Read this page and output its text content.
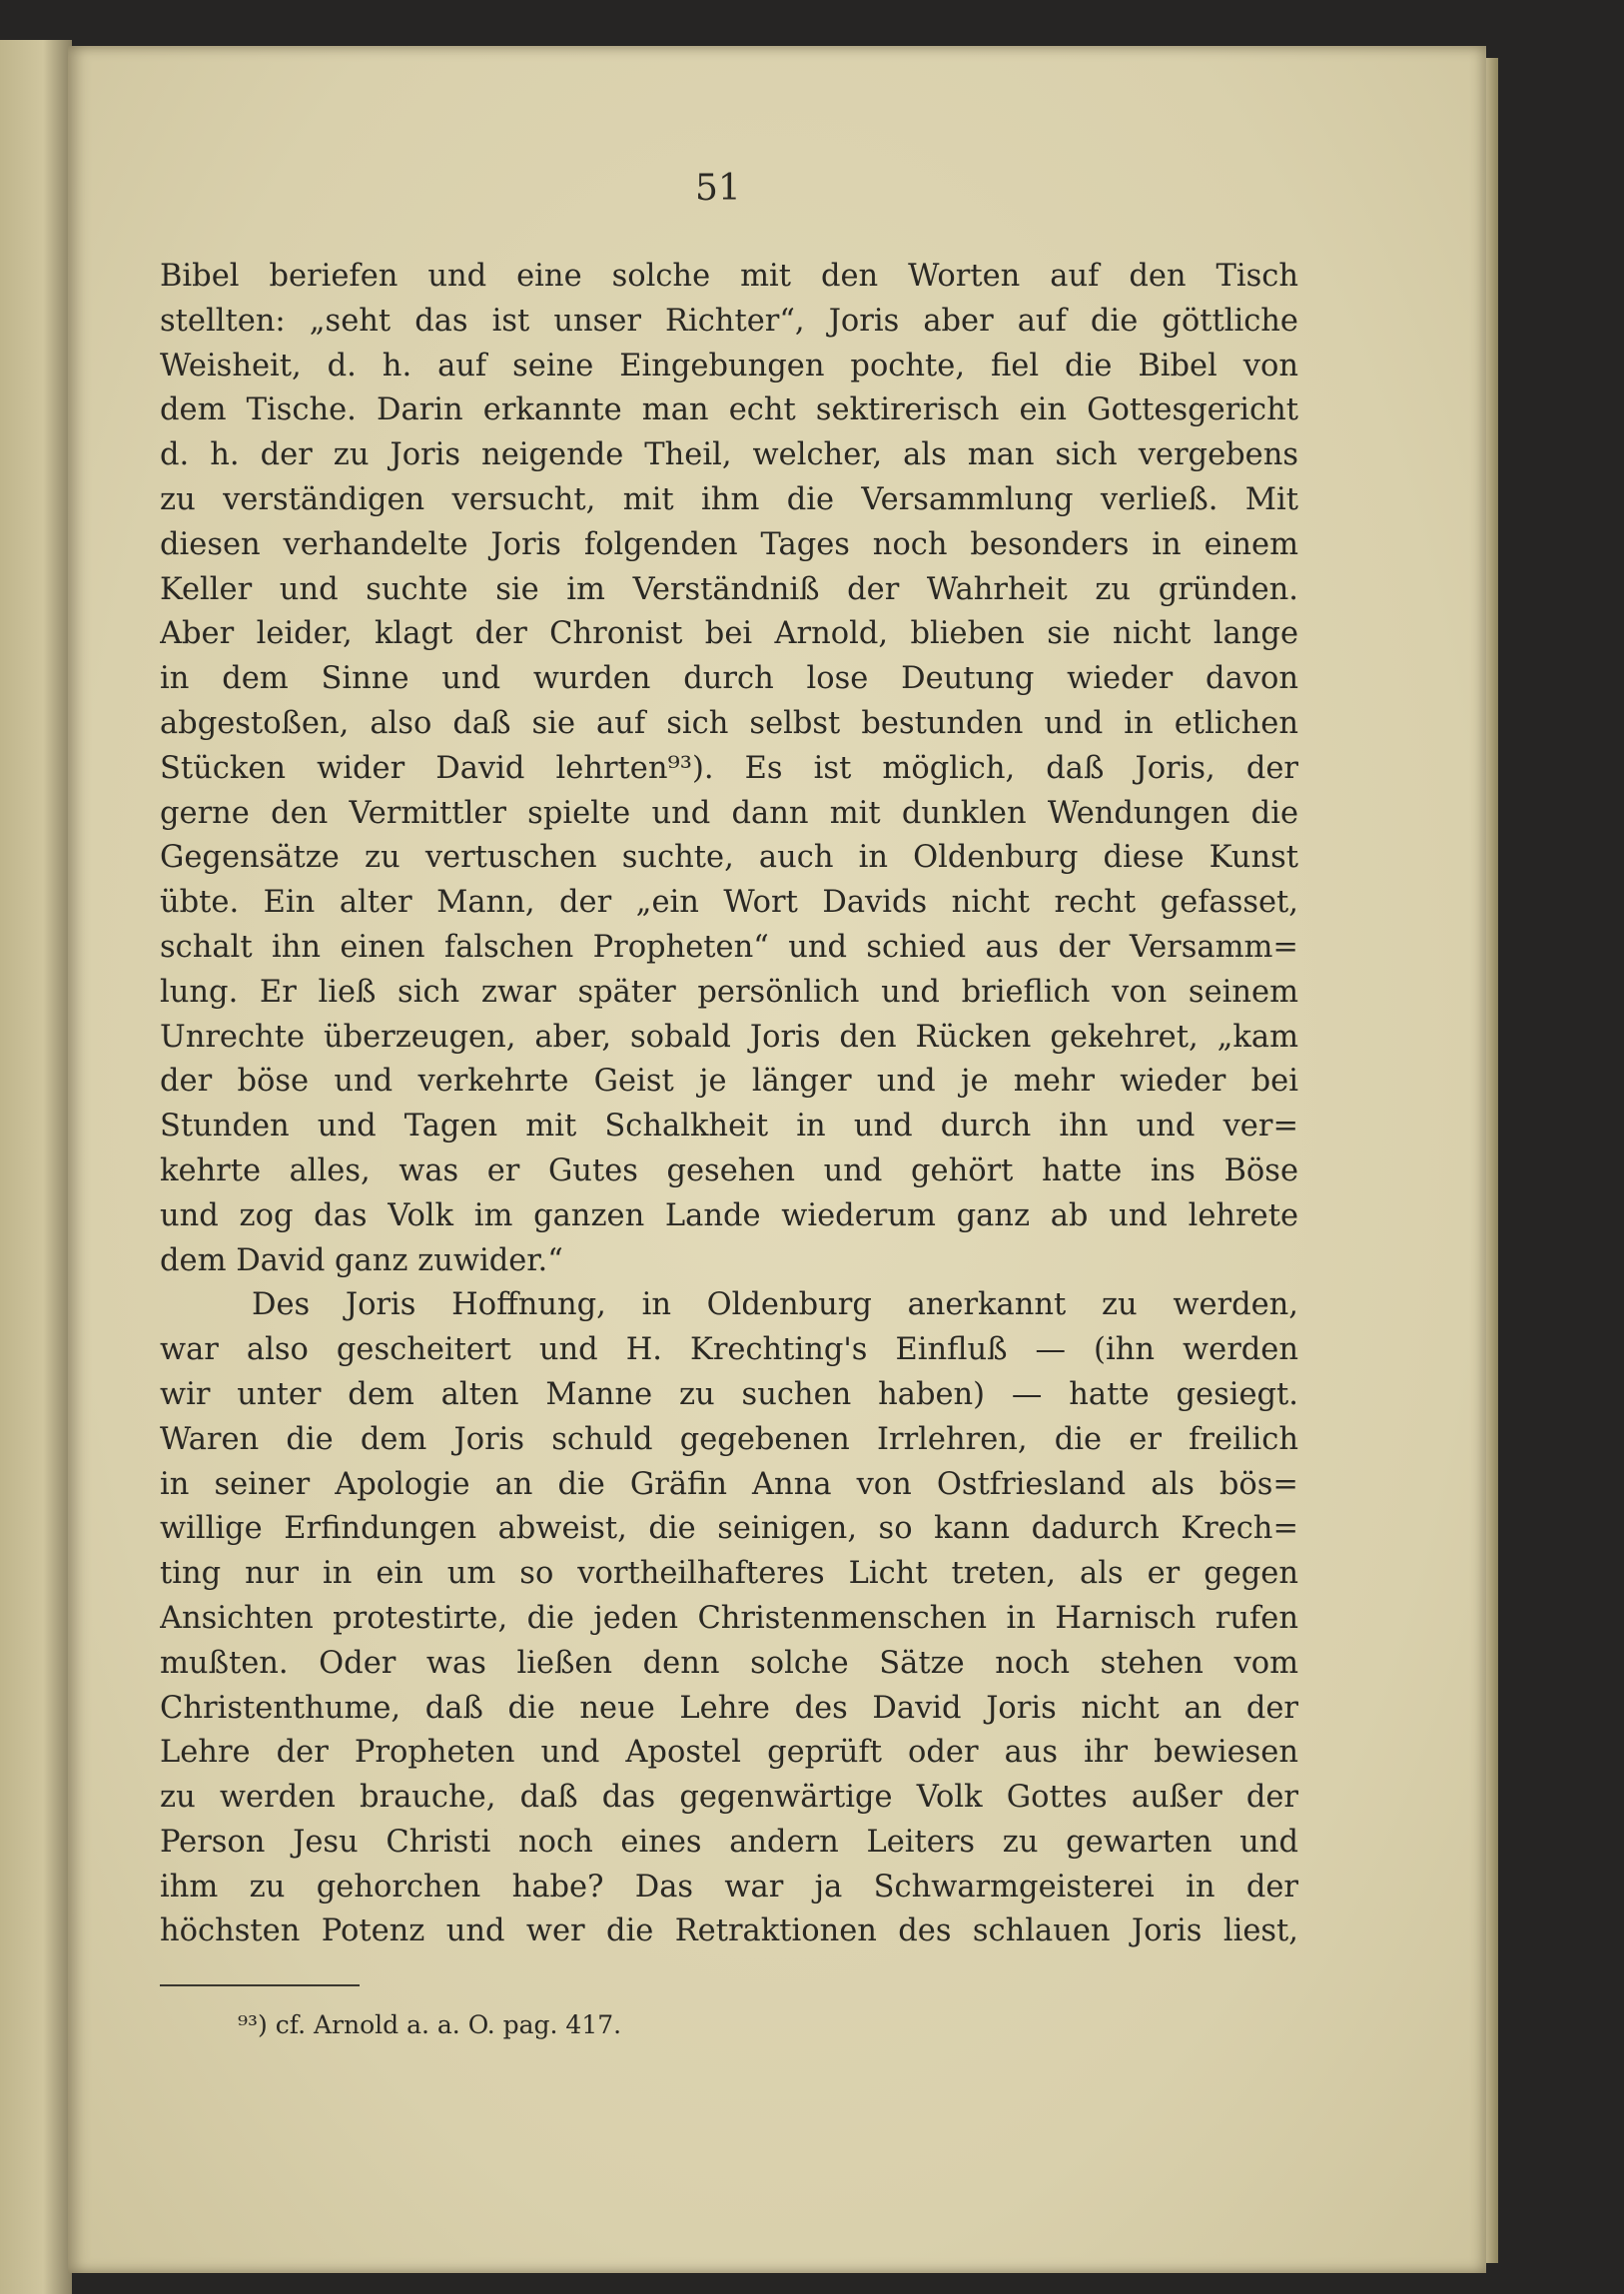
51
Bibel beriefen und eine solche mit den Worten auf den Tisch
stellten: „seht das ist unser Richter“, Joris aber auf die göttliche
Weisheit, d. h. auf seine Eingebungen pochte, fiel die Bibel von
dem Tische. Darin erkannte man echt sektirerisch ein Gottesgericht
d. h. der zu Joris neigende Theil, welcher, als man sich vergebens
zu verständigen versucht, mit ihm die Versammlung verließ. Mit
diesen verhandelte Joris folgenden Tages noch besonders in einem
Keller und suchte sie im Verständniß der Wahrheit zu gründen.
Aber leider, klagt der Chronist bei Arnold, blieben sie nicht lange
in dem Sinne und wurden durch lose Deutung wieder davon
abgestoßen, also daß sie auf sich selbst bestunden und in etlichen
Stücken wider David lehrten⁹³). Es ist möglich, daß Joris, der
gerne den Vermittler spielte und dann mit dunklen Wendungen die
Gegensätze zu vertuschen suchte, auch in Oldenburg diese Kunst
übte. Ein alter Mann, der „ein Wort Davids nicht recht gefasset,
schalt ihn einen falschen Propheten“ und schied aus der Versamm=
lung. Er ließ sich zwar später persönlich und brieflich von seinem
Unrechte überzeugen, aber, sobald Joris den Rücken gekehret, „kam
der böse und verkehrte Geist je länger und je mehr wieder bei
Stunden und Tagen mit Schalkheit in und durch ihn und ver=
kehrte alles, was er Gutes gesehen und gehört hatte ins Böse
und zog das Volk im ganzen Lande wiederum ganz ab und lehrete
dem David ganz zuwider.“
Des Joris Hoffnung, in Oldenburg anerkannt zu werden,
war also gescheitert und H. Krechting's Einfluß — (ihn werden
wir unter dem alten Manne zu suchen haben) — hatte gesiegt.
Waren die dem Joris schuld gegebenen Irrlehren, die er freilich
in seiner Apologie an die Gräfin Anna von Ostfriesland als bös=
willige Erfindungen abweist, die seinigen, so kann dadurch Krech=
ting nur in ein um so vortheilhafteres Licht treten, als er gegen
Ansichten protestirte, die jeden Christenmenschen in Harnisch rufen
mußten. Oder was ließen denn solche Sätze noch stehen vom
Christenthume, daß die neue Lehre des David Joris nicht an der
Lehre der Propheten und Apostel geprüft oder aus ihr bewiesen
zu werden brauche, daß das gegenwärtige Volk Gottes außer der
Person Jesu Christi noch eines andern Leiters zu gewarten und
ihm zu gehorchen habe? Das war ja Schwarmgeisterei in der
höchsten Potenz und wer die Retraktionen des schlauen Joris liest,
⁹³) cf. Arnold a. a. O. pag. 417.
